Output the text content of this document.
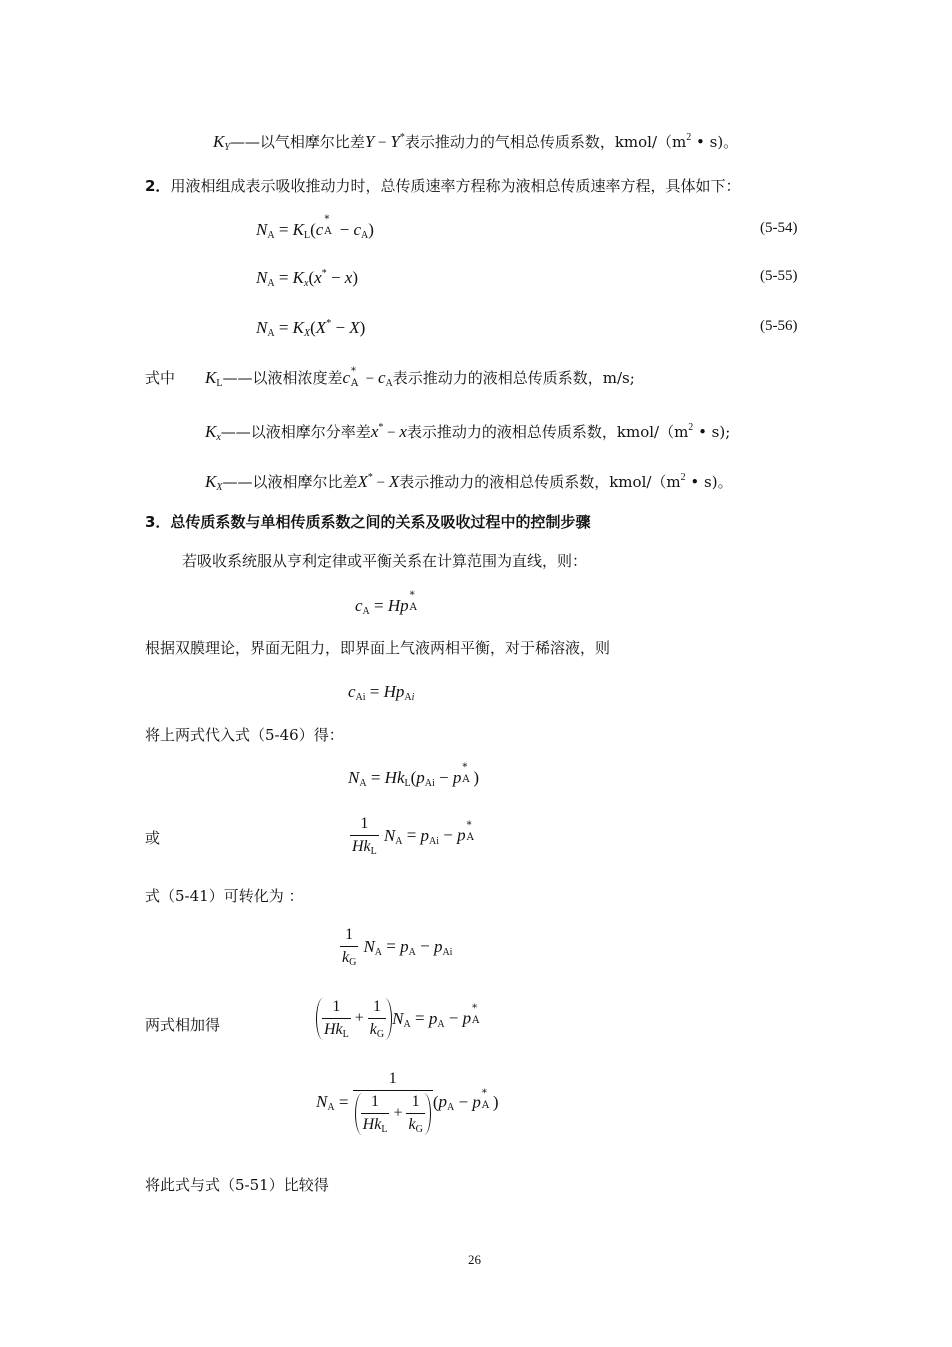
KY——以气相摩尔比差Y − Y*表示推动力的气相总传质系数，kmol/（$m^2$ • s)。
2．用液相组成表示吸收推动力时，总传质速率方程称为液相总传质速率方程，具体如下：
$N_A = K_L(c$
*
$A - c_A$)	(5-54)
$N_A = Kx(x^* - x)$	(5-55)
$N_A = KX(X^* - X)$	(5-56)
式中 $K_L——$以液相浓度差c *
$A - c_A$表示推动力的液相总传质系数，m/s;
Kx——以液相摩尔分率差x* − x表示推动力的液相总传质系数，kmol/（$m^2$ • s);
KX——以液相摩尔比差X* − X表示推动力的液相总传质系数，kmol/（$m^2$ • s)。
3．总传质系数与单相传质系数之间的关系及吸收过程中的控制步骤
若吸收系统服从亨利定律或平衡关系在计算范围为直线，则：
$c_A = Hp$
*
A
根据双膜理论，界面无阻力，即界面上气液两相平衡，对于稀溶液，则
$c_{Ai} = Hp_{Ai}$
将上两式代入式（5-46）得：
$N_A = Hk_L(p_{Ai} - p$
*
A )
或	$\frac{1}{Hk_L} N_A = p_{Ai} - p$
*
A
式（5-41）可转化为 ：
$\frac{1}{k_G} N_A = p_A - p_{Ai}$
两式相加得	$\frac{1}{Hk_L} + \frac{1}{k_G} N_A = p_A - p$
*
A
$N_A = \frac{1}{\frac{1}{Hk_L} + \frac{1}{k_G}} (p_A - p$ *
A )
将此式与式（5-51）比较得
26
